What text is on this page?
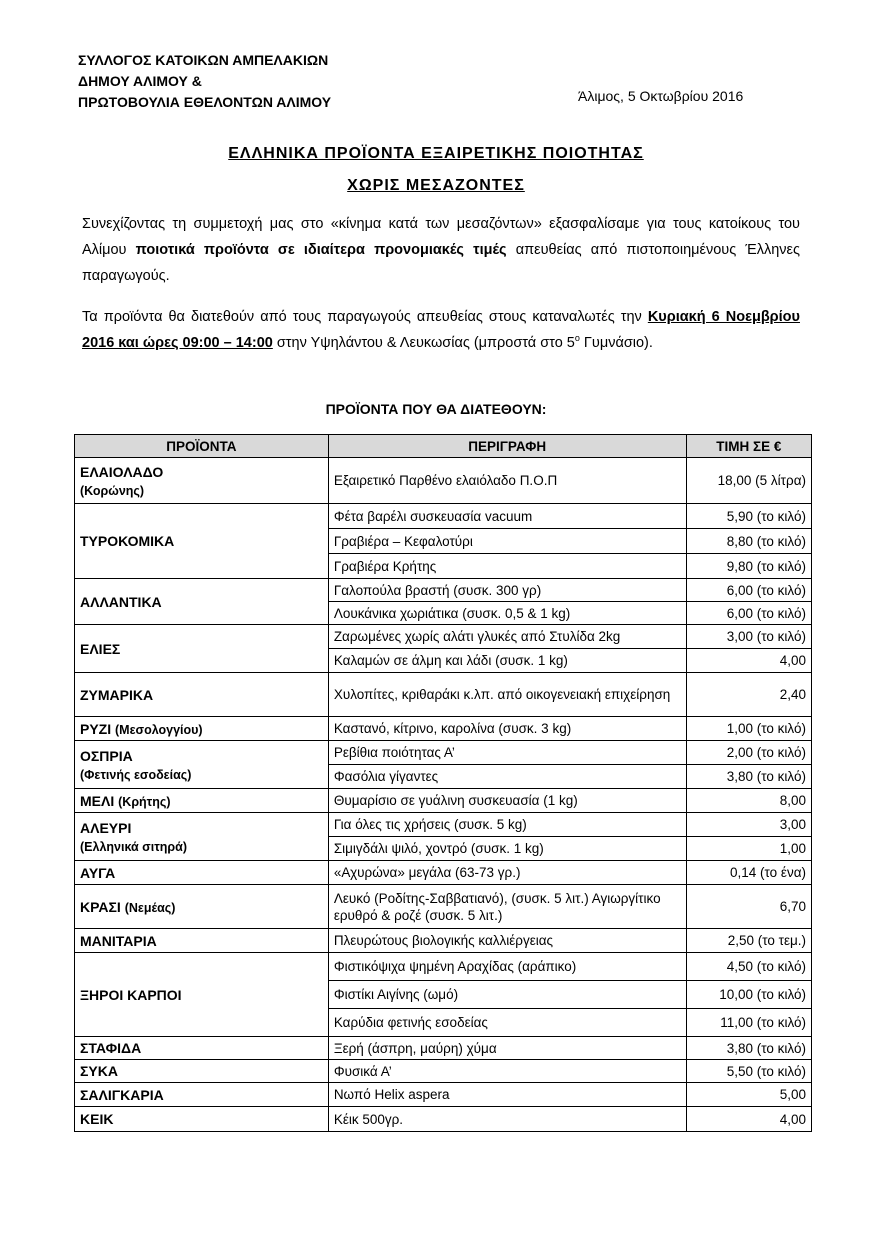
ΣΥΛΛΟΓΟΣ ΚΑΤΟΙΚΩΝ ΑΜΠΕΛΑΚΙΩΝ
ΔΗΜΟΥ ΑΛΙΜΟΥ &
ΠΡΩΤΟΒΟΥΛΙΑ ΕΘΕΛΟΝΤΩΝ ΑΛΙΜΟΥ	Άλιμος, 5 Οκτωβρίου 2016
ΕΛΛΗΝΙΚΑ ΠΡΟΪΟΝΤΑ ΕΞΑΙΡΕΤΙΚΗΣ ΠΟΙΟΤΗΤΑΣ
ΧΩΡΙΣ ΜΕΣΑΖΟΝΤΕΣ
Συνεχίζοντας τη συμμετοχή μας στο «κίνημα κατά των μεσαζόντων» εξασφαλίσαμε για τους κατοίκους του Αλίμου ποιοτικά προϊόντα σε ιδιαίτερα προνομιακές τιμές απευθείας από πιστοποιημένους Έλληνες παραγωγούς.
Τα προϊόντα θα διατεθούν από τους παραγωγούς απευθείας στους καταναλωτές την Κυριακή 6 Νοεμβρίου 2016 και ώρες 09:00 – 14:00 στην Υψηλάντου & Λευκωσίας (μπροστά στο $5^o$ Γυμνάσιο).
ΠΡΟΪΟΝΤΑ ΠΟΥ ΘΑ ΔΙΑΤΕΘΟΥΝ:
ΠΡΟΪΟΝΤΑ	ΠΕΡΙΓΡΑΦΗ	ΤΙΜΗ ΣΕ €
ΕΛΑΙΟΛΑΔΟ
(Κορώνης)	Εξαιρετικό Παρθένο ελαιόλαδο Π.Ο.Π	18,00 (5 λίτρα)
ΤΥΡΟΚΟΜΙΚΑ	Φέτα βαρέλι συσκευασία vacuum	5,90 (το κιλό)
	Γραβιέρα – Κεφαλοτύρι	8,80 (το κιλό)
	Γραβιέρα Κρήτης	9,80 (το κιλό)
ΑΛΛΑΝΤΙΚΑ	Γαλοπούλα βραστή (συσκ. 300 γρ)	6,00 (το κιλό)
	Λουκάνικα χωριάτικα (συσκ. 0,5 & 1 kg)	6,00 (το κιλό)
ΕΛΙΕΣ	Ζαρωμένες χωρίς αλάτι γλυκές από Στυλίδα 2kg	3,00 (το κιλό)
	Καλαμών σε άλμη και λάδι (συσκ. 1 kg)	4,00
ΖΥΜΑΡΙΚΑ	Χυλοπίτες, κριθαράκι κ.λπ. από οικογενειακή επιχείρηση	2,40
ΡΥΖΙ (Μεσολογγίου)	Καστανό, κίτρινο, καρολίνα (συσκ. 3 kg)	1,00 (το κιλό)
ΟΣΠΡΙΑ
(Φετινής εσοδείας)	Ρεβίθια ποιότητας Α’	2,00 (το κιλό)
	Φασόλια γίγαντες	3,80 (το κιλό)
ΜΕΛΙ (Κρήτης)	Θυμαρίσιο σε γυάλινη συσκευασία (1 kg)	8,00
ΑΛΕΥΡΙ
(Ελληνικά σιτηρά)	Για όλες τις χρήσεις (συσκ. 5 kg)	3,00
	Σιμιγδάλι ψιλό, χοντρό (συσκ. 1 kg)	1,00
ΑΥΓΑ	«Αχυρώνα» μεγάλα (63-73 γρ.)	0,14 (το ένα)
ΚΡΑΣΙ (Νεμέας)	Λευκό (Ροδίτης-Σαββατιανό), (συσκ. 5 λιτ.) Αγιωργίτικο ερυθρό & ροζέ (συσκ. 5 λιτ.)	6,70
ΜΑΝΙΤΑΡΙΑ	Πλευρώτους βιολογικής καλλιέργειας	2,50 (το τεμ.)
ΞΗΡΟΙ ΚΑΡΠΟΙ	Φιστικόψιχα ψημένη Αραχίδας (αράπικο)	4,50 (το κιλό)
	Φιστίκι Αιγίνης (ωμό)	10,00 (το κιλό)
	Καρύδια φετινής εσοδείας	11,00 (το κιλό)
ΣΤΑΦΙΔΑ	Ξερή (άσπρη, μαύρη) χύμα	3,80 (το κιλό)
ΣΥΚΑ	Φυσικά Α’	5,50 (το κιλό)
ΣΑΛΙΓΚΑΡΙΑ	Νωπό Helix aspera	5,00
ΚΕΙΚ	Κέικ 500γρ.	4,00
